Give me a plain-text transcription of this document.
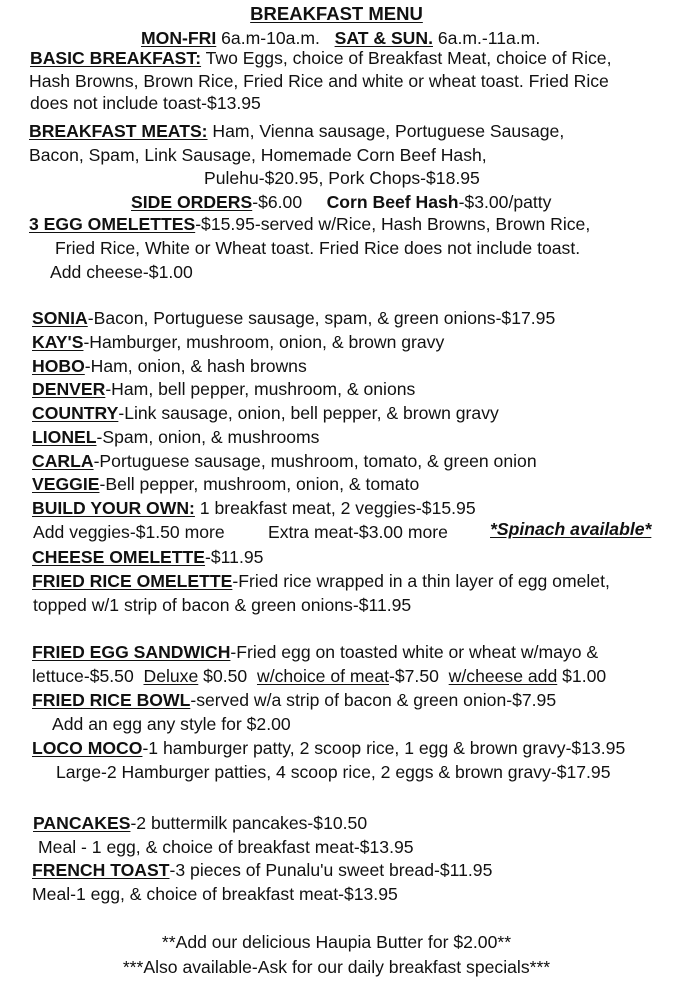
BREAKFAST MENU
MON-FRI 6a.m-10a.m. SAT & SUN. 6a.m.-11a.m.
BASIC BREAKFAST: Two Eggs, choice of Breakfast Meat, choice of Rice,
Hash Browns, Brown Rice, Fried Rice and white or wheat toast. Fried Rice
does not include toast-$13.95
BREAKFAST MEATS: Ham, Vienna sausage, Portuguese Sausage,
Bacon, Spam, Link Sausage, Homemade Corn Beef Hash,
Pulehu-$20.95, Pork Chops-$18.95
SIDE ORDERS-$6.00 Corn Beef Hash-$3.00/patty
3 EGG OMELETTES-$15.95-served w/Rice, Hash Browns, Brown Rice,
Fried Rice, White or Wheat toast. Fried Rice does not include toast.
Add cheese-$1.00
SONIA-Bacon, Portuguese sausage, spam, & green onions-$17.95
KAY'S-Hamburger, mushroom, onion, & brown gravy
HOBO-Ham, onion, & hash browns
DENVER-Ham, bell pepper, mushroom, & onions
COUNTRY-Link sausage, onion, bell pepper, & brown gravy
LIONEL-Spam, onion, & mushrooms
CARLA-Portuguese sausage, mushroom, tomato, & green onion
VEGGIE-Bell pepper, mushroom, onion, & tomato
BUILD YOUR OWN: 1 breakfast meat, 2 veggies-$15.95
Add veggies-$1.50 more Extra meat-$3.00 more *Spinach available*
CHEESE OMELETTE-$11.95
FRIED RICE OMELETTE-Fried rice wrapped in a thin layer of egg omelet,
topped w/1 strip of bacon & green onions-$11.95
FRIED EGG SANDWICH-Fried egg on toasted white or wheat w/mayo &
lettuce-$5.50  Deluxe $0.50  w/choice of meat-$7.50  w/cheese add $1.00
FRIED RICE BOWL-served w/a strip of bacon & green onion-$7.95
Add an egg any style for $2.00
LOCO MOCO-1 hamburger patty, 2 scoop rice, 1 egg & brown gravy-$13.95
Large-2 Hamburger patties, 4 scoop rice, 2 eggs & brown gravy-$17.95
PANCAKES-2 buttermilk pancakes-$10.50
Meal - 1 egg, & choice of breakfast meat-$13.95
FRENCH TOAST-3 pieces of Punalu'u sweet bread-$11.95
Meal-1 egg, & choice of breakfast meat-$13.95
**Add our delicious Haupia Butter for $2.00**
***Also available-Ask for our daily breakfast specials***
